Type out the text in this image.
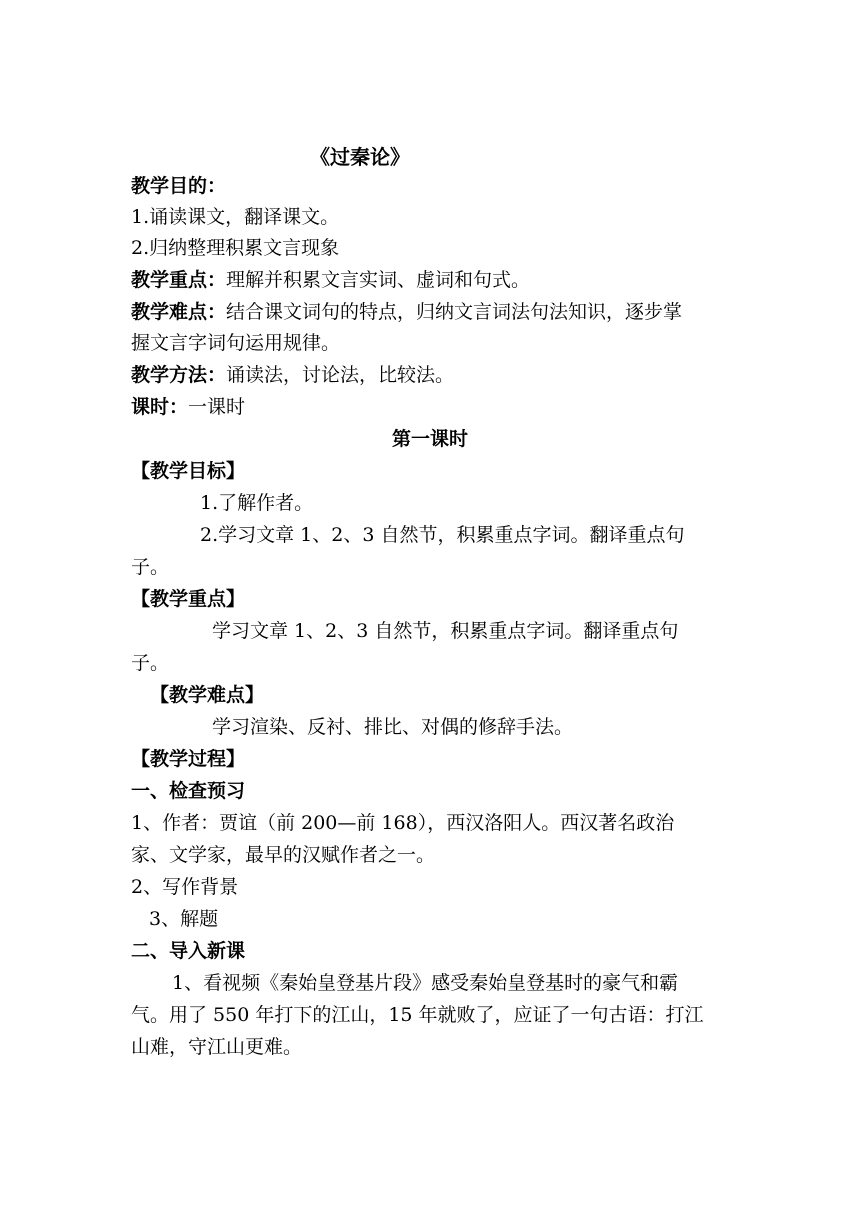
《过秦论》
教学目的：
1.诵读课文，翻译课文。
2.归纳整理积累文言现象
教学重点：理解并积累文言实词、虚词和句式。
教学难点：结合课文词句的特点，归纳文言词法句法知识，逐步掌
握文言字词句运用规律。
教学方法：诵读法，讨论法，比较法。
课时：一课时
第一课时
【教学目标】
1.了解作者。
2.学习文章 1、2、3 自然节，积累重点字词。翻译重点句
子。
【教学重点】
学习文章 1、2、3 自然节，积累重点字词。翻译重点句
子。
【教学难点】
学习渲染、反衬、排比、对偶的修辞手法。
【教学过程】
一、检查预习
1、作者：贾谊（前 200—前 168），西汉洛阳人。西汉著名政治
家、文学家，最早的汉赋作者之一。
2、写作背景
3、解题
二、导入新课
1、看视频《秦始皇登基片段》感受秦始皇登基时的豪气和霸
气。用了 550 年打下的江山，15 年就败了，应证了一句古语：打江
山难，守江山更难。
